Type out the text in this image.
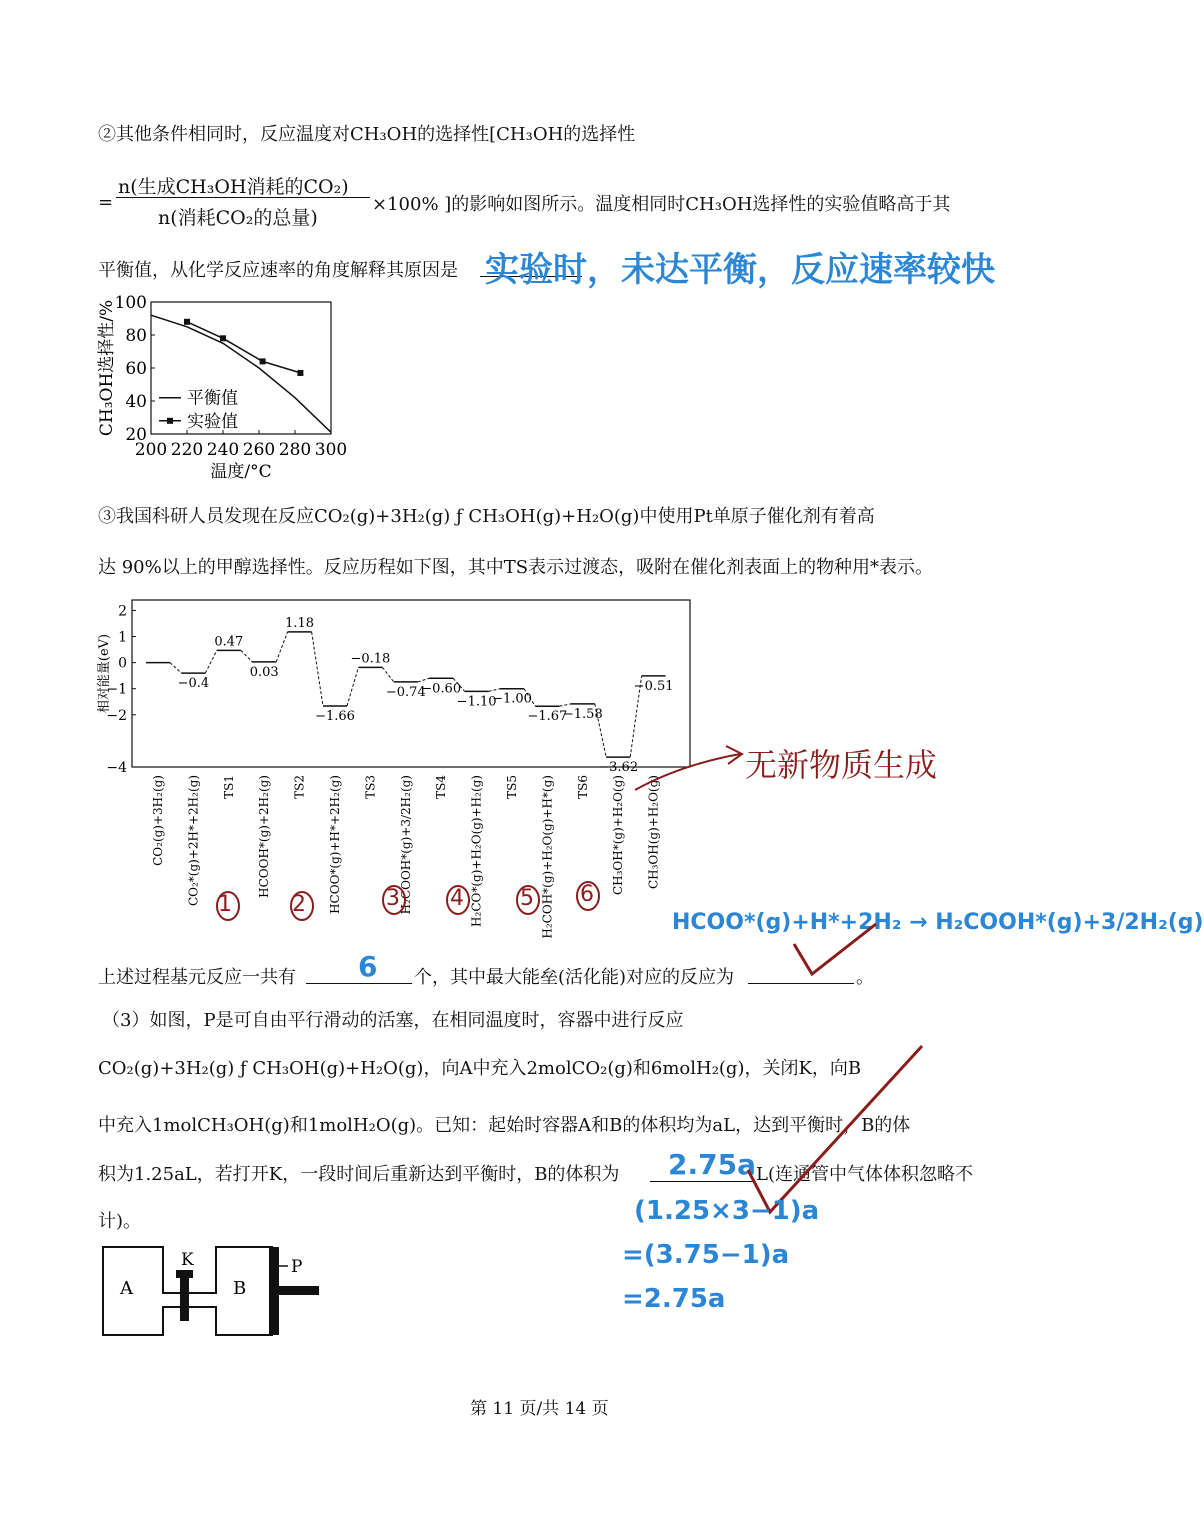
②其他条件相同时，反应温度对CH₃OH的选择性[CH₃OH的选择性
=
n(生成CH₃OH消耗的CO₂)
n(消耗CO₂的总量)
×100% ]的影响如图所示。温度相同时CH₃OH选择性的实验值略高于其
平衡值，从化学反应速率的角度解释其原因是 实验时，未达平衡，反应速率较快
200 220 240 260 280 300
20
40
60
80
100
温度/°C
CH₃OH选择性/%	平衡值
实验值
③我国科研人员发现在反应CO₂(g)+3H₂(g) ƒ CH₃OH(g)+H₂O(g)中使用Pt单原子催化剂有着高
达 90%以上的甲醇选择性。反应历程如下图，其中TS表示过渡态，吸附在催化剂表面上的物种用*表示。
2
1
0
−1
−2
−4
相对能量(eV)
CO₂(g)+3H₂(g)
−0.4
CO₂*(g)+2H*+2H₂(g)
0.47
TS1
0.03
HCOOH*(g)+2H₂(g)
1.18
TS2
−1.66
HCOO*(g)+H*+2H₂(g)
−0.18
TS3
−0.74
H₂COOH*(g)+3/2H₂(g)
−0.60
TS4
−1.10
H₂CO*(g)+H₂O(g)+H₂(g)
−1.00
TS5
−1.67
H₂COH*(g)+H₂O(g)+H*(g)
−1.58
TS6
−3.62
CH₃OH*(g)+H₂O(g)
−0.51
CH₃OH(g)+H₂O(g)
无新物质生成
1	2	3 4	5 6
HCOO*(g)+H*+2H₂ → H₂COOH*(g)+3/2H₂(g)
上述过程基元反应一共有 6 个，其中最大能垒(活化能)对应的反应为	。
（3）如图，P是可自由平行滑动的活塞，在相同温度时，容器中进行反应
CO₂(g)+3H₂(g) ƒ CH₃OH(g)+H₂O(g)，向A中充入2molCO₂(g)和6molH₂(g)，关闭K，向B
中充入1molCH₃OH(g)和1molH₂O(g)。已知：起始时容器A和B的体积均为aL，达到平衡时，B的体
积为1.25aL，若打开K，一段时间后重新达到平衡时，B的体积为 2.75a L(连通管中气体体积忽略不
计)。	(1.25×3−1)a
=(3.75−1)a
=2.75a
A	B
K	P
第 11 页/共 14 页
